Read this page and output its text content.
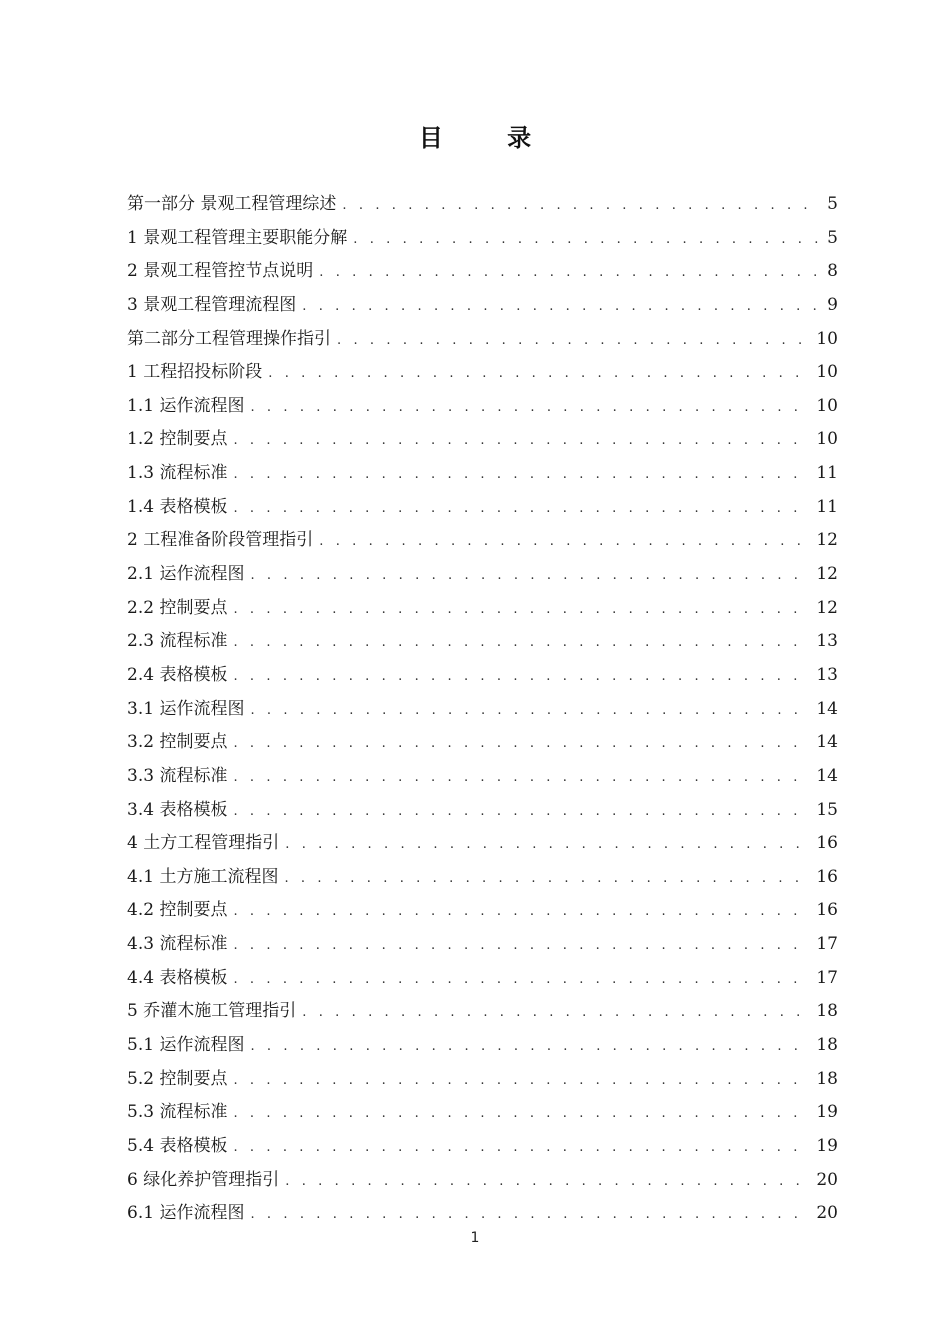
目 录
第一部分 景观工程管理综述 . . .	5
1 景观工程管理主要职能分解 . . .	5
2 景观工程管控节点说明 . . .	8
3 景观工程管理流程图 . . .	9
第二部分工程管理操作指引 . . .	10
1 工程招投标阶段 . . .	10
1.1 运作流程图 . . .	10
1.2 控制要点 . . .	10
1.3 流程标准 . . .	11
1.4 表格模板 . . .	11
2 工程准备阶段管理指引 . . .	12
2.1 运作流程图 . . .	12
2.2 控制要点 . . .	12
2.3 流程标准 . . .	13
2.4 表格模板 . . .	13
3.1 运作流程图 . . .	14
3.2 控制要点 . . .	14
3.3 流程标准 . . .	14
3.4 表格模板 . . .	15
4 土方工程管理指引 . . .	16
4.1 土方施工流程图 . . .	16
4.2 控制要点 . . .	16
4.3 流程标准 . . .	17
4.4 表格模板 . . .	17
5 乔灌木施工管理指引 . . .	18
5.1 运作流程图 . . .	18
5.2 控制要点 . . .	18
5.3 流程标准 . . .	19
5.4 表格模板 . . .	19
6 绿化养护管理指引 . . .	20
6.1 运作流程图 . . .	20
1
